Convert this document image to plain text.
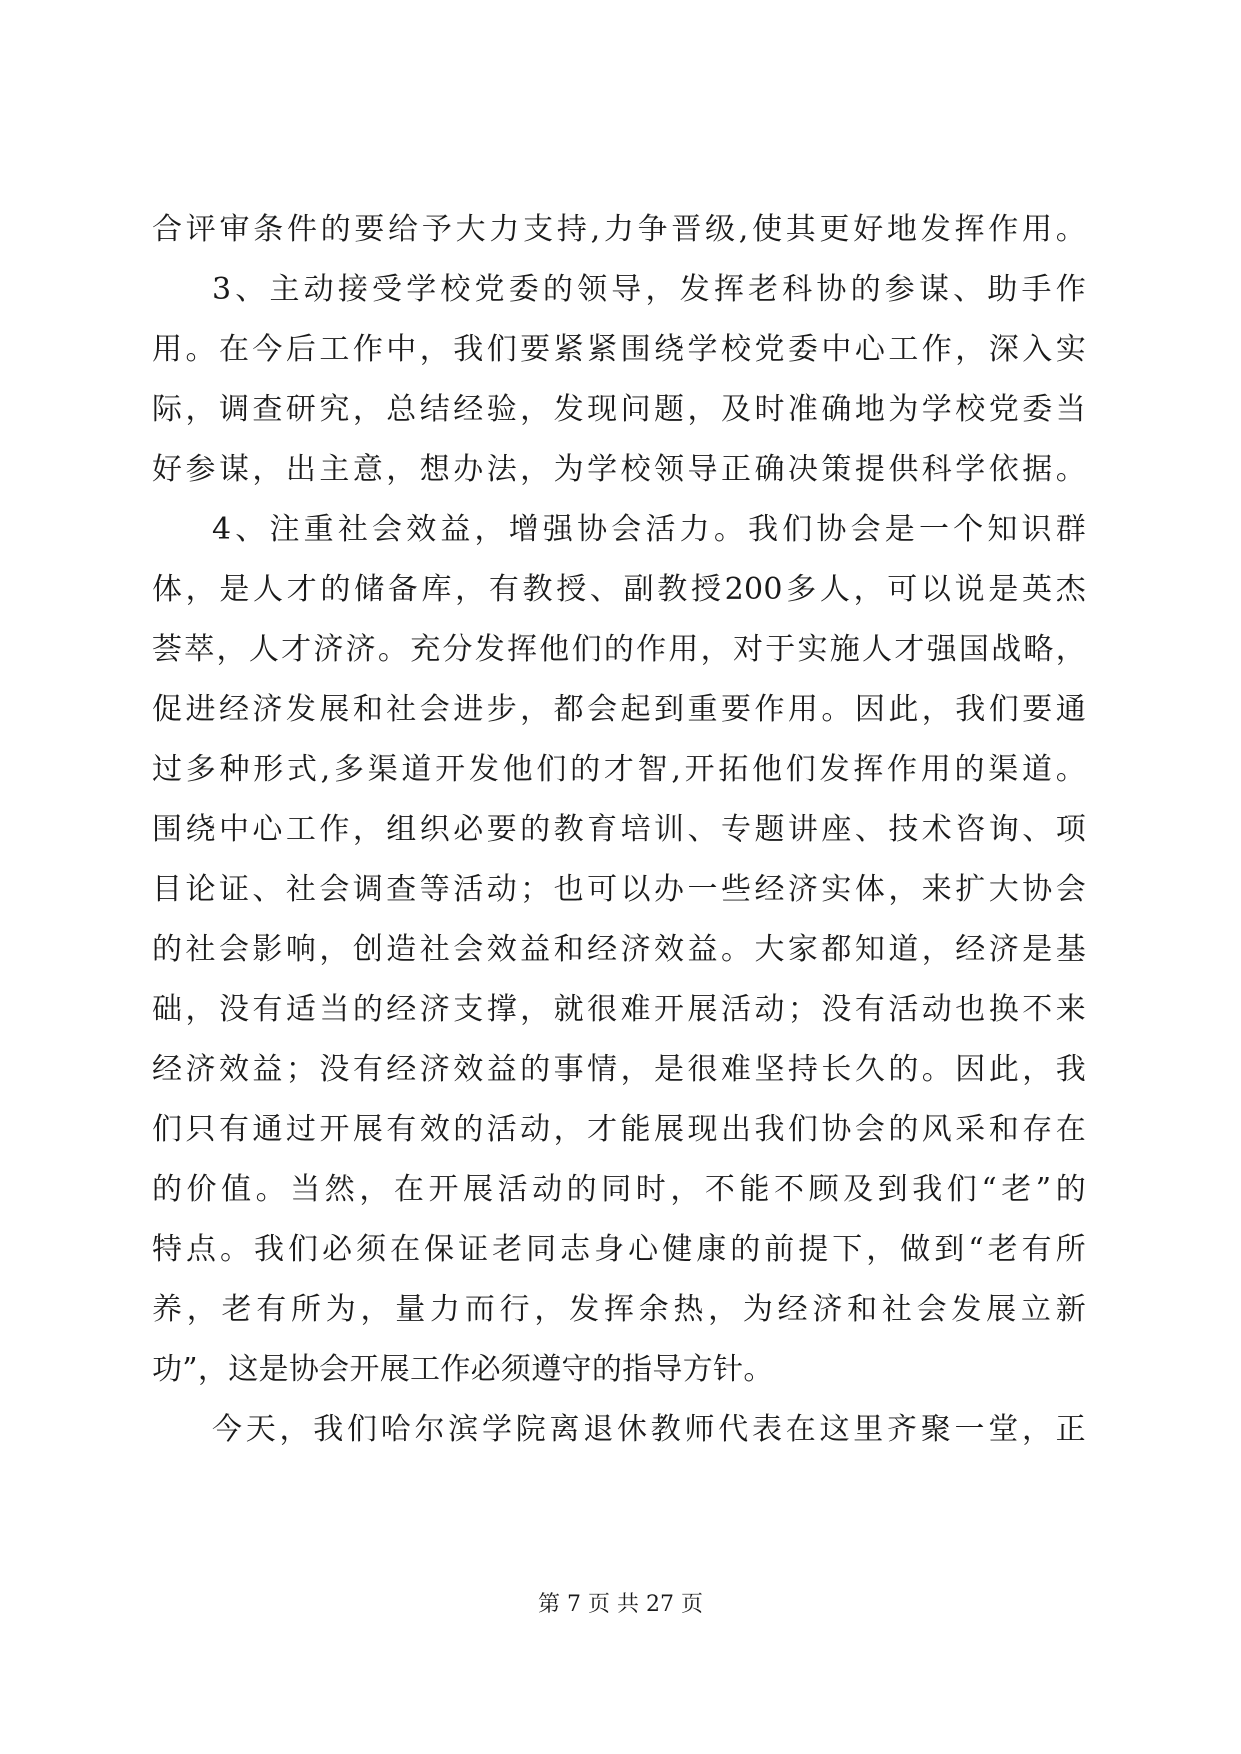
合评审条件的要给予大力支持,力争晋级,使其更好地发挥作用。
3、主动接受学校党委的领导，发挥老科协的参谋、助手作
用。在今后工作中，我们要紧紧围绕学校党委中心工作，深入实
际，调查研究，总结经验，发现问题，及时准确地为学校党委当
好参谋，出主意，想办法，为学校领导正确决策提供科学依据。
4、注重社会效益，增强协会活力。我们协会是一个知识群
体，是人才的储备库，有教授、副教授200多人，可以说是英杰
荟萃，人才济济。充分发挥他们的作用，对于实施人才强国战略，
促进经济发展和社会进步，都会起到重要作用。因此，我们要通
过多种形式,多渠道开发他们的才智,开拓他们发挥作用的渠道。
围绕中心工作，组织必要的教育培训、专题讲座、技术咨询、项
目论证、社会调查等活动；也可以办一些经济实体，来扩大协会
的社会影响，创造社会效益和经济效益。大家都知道，经济是基
础，没有适当的经济支撑，就很难开展活动；没有活动也换不来
经济效益；没有经济效益的事情，是很难坚持长久的。因此，我
们只有通过开展有效的活动，才能展现出我们协会的风采和存在
的价值。当然，在开展活动的同时，不能不顾及到我们“老”的
特点。我们必须在保证老同志身心健康的前提下，做到“老有所
养，老有所为，量力而行，发挥余热，为经济和社会发展立新
功”，这是协会开展工作必须遵守的指导方针。
今天，我们哈尔滨学院离退休教师代表在这里齐聚一堂，正
第 7 页 共 27 页
